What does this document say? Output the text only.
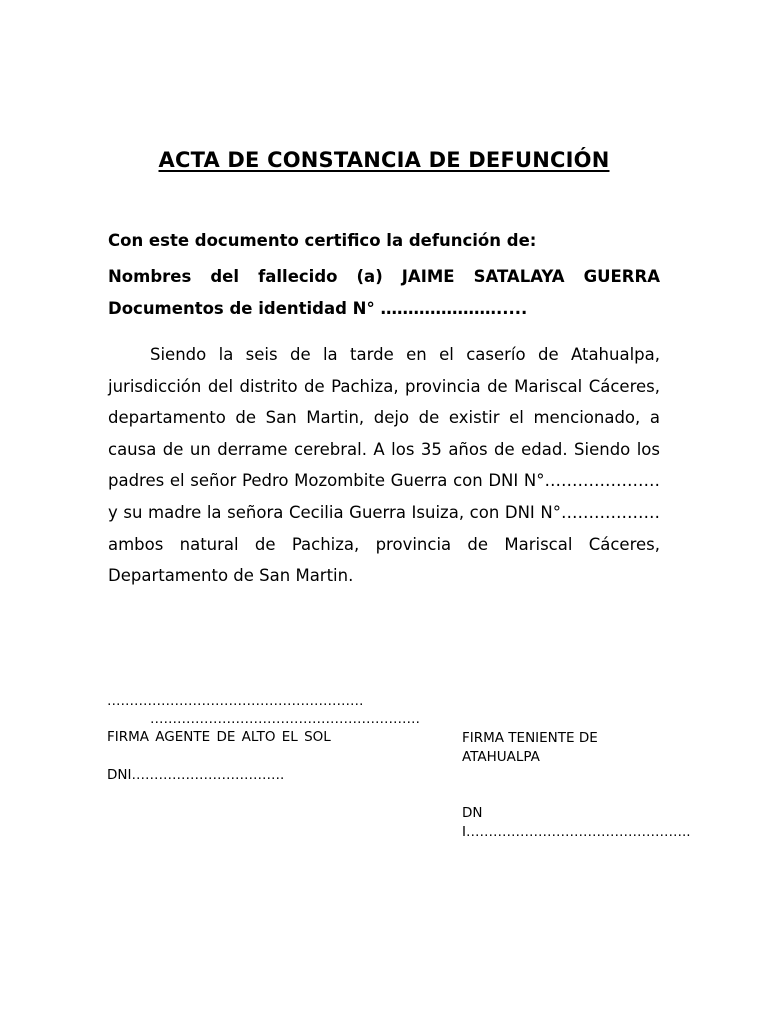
ACTA DE CONSTANCIA DE DEFUNCIÓN
Con este documento certifico la defunción de:
Nombres del fallecido (a) JAIME SATALAYA GUERRA
Documentos de identidad N° ………………….....
Siendo la seis de la tarde en el caserío de Atahualpa, jurisdicción del distrito de Pachiza, provincia de Mariscal Cáceres, departamento de San Martin, dejo de existir el mencionado, a causa de un derrame cerebral. A los 35 años de edad. Siendo los padres el señor Pedro Mozombite Guerra con DNI N°………………… y su madre la señora Cecilia Guerra Isuiza, con DNI N°……………… ambos natural de Pachiza, provincia de Mariscal Cáceres, Departamento de San Martin.
…………………………………………………
……………………………………………………
FIRMA AGENTE DE ALTO EL SOL
DNI…………………………….
FIRMA TENIENTE DE ATAHUALPA
DNI…………………………………………..
